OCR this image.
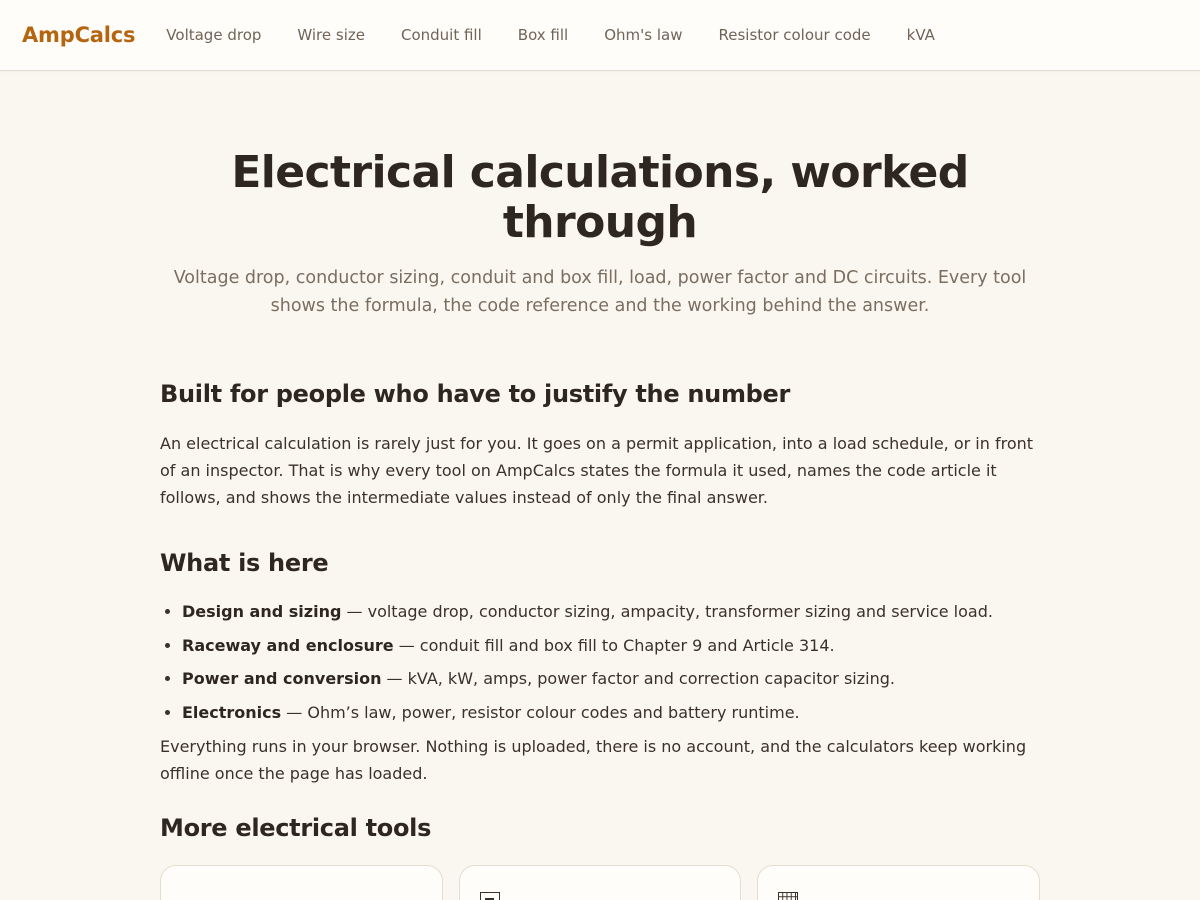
AmpCalcs Voltage drop Wire size Conduit fill Box fill Ohm's law Resistor colour code kVA
Electrical calculations, worked through

Voltage drop, conductor sizing, conduit and box fill, load, power factor and DC circuits. Every tool shows the formula, the code reference and the working behind the answer.

Built for people who have to justify the number

An electrical calculation is rarely just for you. It goes on a permit application, into a load schedule, or in front of an inspector. That is why every tool on AmpCalcs states the formula it used, names the code article it follows, and shows the intermediate values instead of only the final answer.

What is here
• Design and sizing — voltage drop, conductor sizing, ampacity, transformer sizing and service load.
• Raceway and enclosure — conduit fill and box fill to Chapter 9 and Article 314.
• Power and conversion — kVA, kW, amps, power factor and correction capacitor sizing.
• Electronics — Ohm’s law, power, resistor colour codes and battery runtime.

Everything runs in your browser. Nothing is uploaded, there is no account, and the calculators keep working offline once the page has loaded.

More electrical tools
